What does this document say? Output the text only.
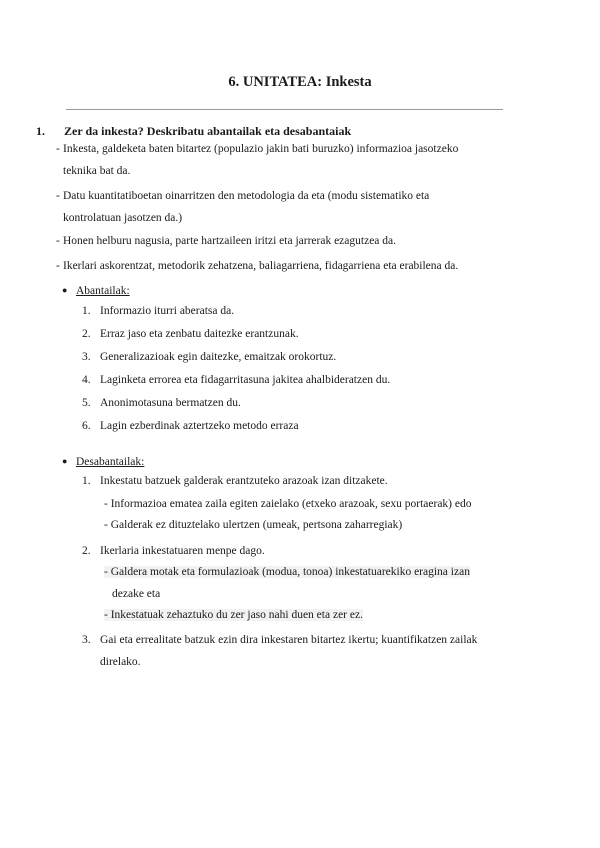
6. UNITATEA: Inkesta
1. Zer da inkesta? Deskribatu abantailak eta desabantaiak
- Inkesta, galdeketa baten bitartez (populazio jakin bati buruzko) informazioa jasotzeko
teknika bat da.
- Datu kuantitatiboetan oinarritzen den metodologia da eta (modu sistematiko eta
kontrolatuan jasotzen da.)
- Honen helburu nagusia, parte hartzaileen iritzi eta jarrerak ezagutzea da.
- Ikerlari askorentzat, metodorik zehatzena, baliagarriena, fidagarriena eta erabilena da.
● Abantailak:
1. Informazio iturri aberatsa da.
2. Erraz jaso eta zenbatu daitezke erantzunak.
3. Generalizazioak egin daitezke, emaitzak orokortuz.
4. Laginketa errorea eta fidagarritasuna jakitea ahalbideratzen du.
5. Anonimotasuna bermatzen du.
6. Lagin ezberdinak aztertzeko metodo erraza
● Desabantailak:
1. Inkestatu batzuek galderak erantzuteko arazoak izan ditzakete.
- Informazioa ematea zaila egiten zaielako (etxeko arazoak, sexu portaerak) edo
- Galderak ez dituztelako ulertzen (umeak, pertsona zaharregiak)
2. Ikerlaria inkestatuaren menpe dago.
- Galdera motak eta formulazioak (modua, tonoa) inkestatuarekiko eragina izan
dezake eta
- Inkestatuak zehaztuko du zer jaso nahi duen eta zer ez.
3. Gai eta errealitate batzuk ezin dira inkestaren bitartez ikertu; kuantifikatzen zailak
direlako.
